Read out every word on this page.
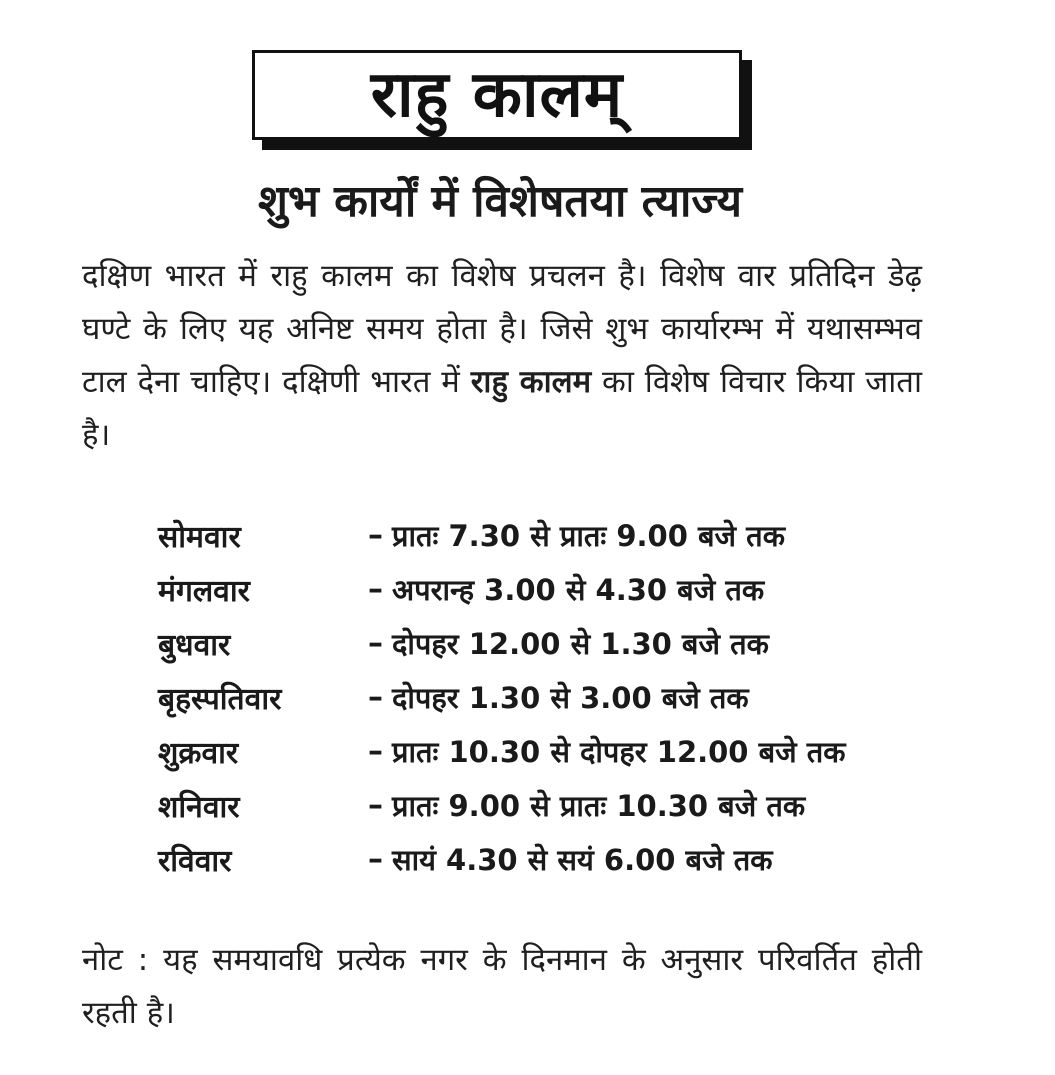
राहु कालम्
शुभ कार्यों में विशेषतया त्याज्य

दक्षिण भारत में राहु कालम का विशेष प्रचलन है। विशेष वार प्रतिदिन डेढ़ घण्टे के लिए यह अनिष्ट समय होता है। जिसे शुभ कार्यारम्भ में यथासम्भव टाल देना चाहिए। दक्षिणी भारत में राहु कालम का विशेष विचार किया जाता है।

सोमवार	– प्रातः 7.30 से प्रातः 9.00 बजे तक
मंगलवार	– अपरान्ह 3.00 से 4.30 बजे तक
बुधवार	– दोपहर 12.00 से 1.30 बजे तक
बृहस्पतिवार	– दोपहर 1.30 से 3.00 बजे तक
शुक्रवार	– प्रातः 10.30 से दोपहर 12.00 बजे तक
शनिवार	– प्रातः 9.00 से प्रातः 10.30 बजे तक
रविवार	– सायं 4.30 से सयं 6.00 बजे तक

नोट : यह समयावधि प्रत्येक नगर के दिनमान के अनुसार परिवर्तित होती रहती है।
